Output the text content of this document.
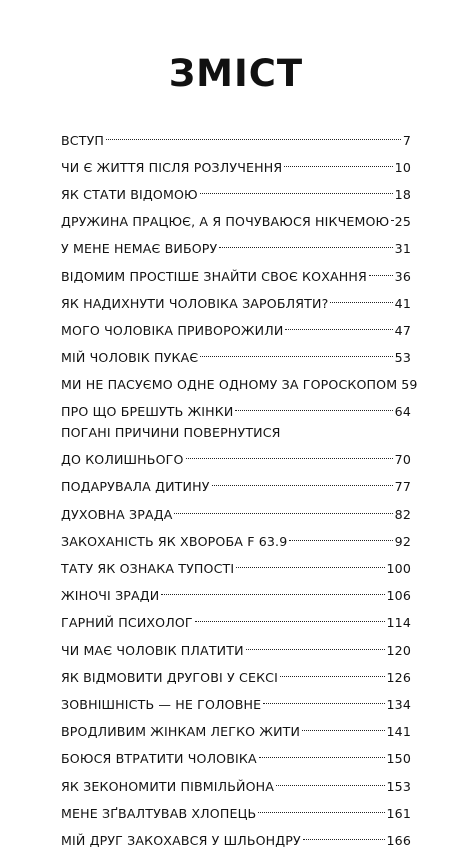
ЗМІСТ
ВСТУП	7
ЧИ Є ЖИТТЯ ПІСЛЯ РОЗЛУЧЕННЯ	10
ЯК СТАТИ ВІДОМОЮ	18
ДРУЖИНА ПРАЦЮЄ, А Я ПОЧУВАЮСЯ НІКЧЕМОЮ 25
У МЕНЕ НЕМАЄ ВИБОРУ	31
ВІДОМИМ ПРОСТІШЕ ЗНАЙТИ СВОЄ КОХАННЯ 36
ЯК НАДИХНУТИ ЧОЛОВІКА ЗАРОБЛЯТИ?	41
МОГО ЧОЛОВІКА ПРИВОРОЖИЛИ	47
МІЙ ЧОЛОВІК ПУКАЄ	53
МИ НЕ ПАСУЄМО ОДНЕ ОДНОМУ ЗА ГОРОСКОПОМ 59
ПРО ЩО БРЕШУТЬ ЖІНКИ	64
ПОГАНІ ПРИЧИНИ ПОВЕРНУТИСЯ
ДО КОЛИШНЬОГО	70
ПОДАРУВАЛА ДИТИНУ	77
ДУХОВНА ЗРАДА	82
ЗАКОХАНІСТЬ ЯК ХВОРОБА F 63.9	92
ТАТУ ЯК ОЗНАКА ТУПОСТІ	100
ЖІНОЧІ ЗРАДИ	106
ГАРНИЙ ПСИХОЛОГ	114
ЧИ МАЄ ЧОЛОВІК ПЛАТИТИ	120
ЯК ВІДМОВИТИ ДРУГОВІ У СЕКСІ	126
ЗОВНІШНІСТЬ — НЕ ГОЛОВНЕ	134
ВРОДЛИВИМ ЖІНКАМ ЛЕГКО ЖИТИ	141
БОЮСЯ ВТРАТИТИ ЧОЛОВІКА	150
ЯК ЗЕКОНОМИТИ ПІВМІЛЬЙОНА	153
МЕНЕ ЗҐВАЛТУВАВ ХЛОПЕЦЬ	161
МІЙ ДРУГ ЗАКОХАВСЯ У ШЛЬОНДРУ	166
